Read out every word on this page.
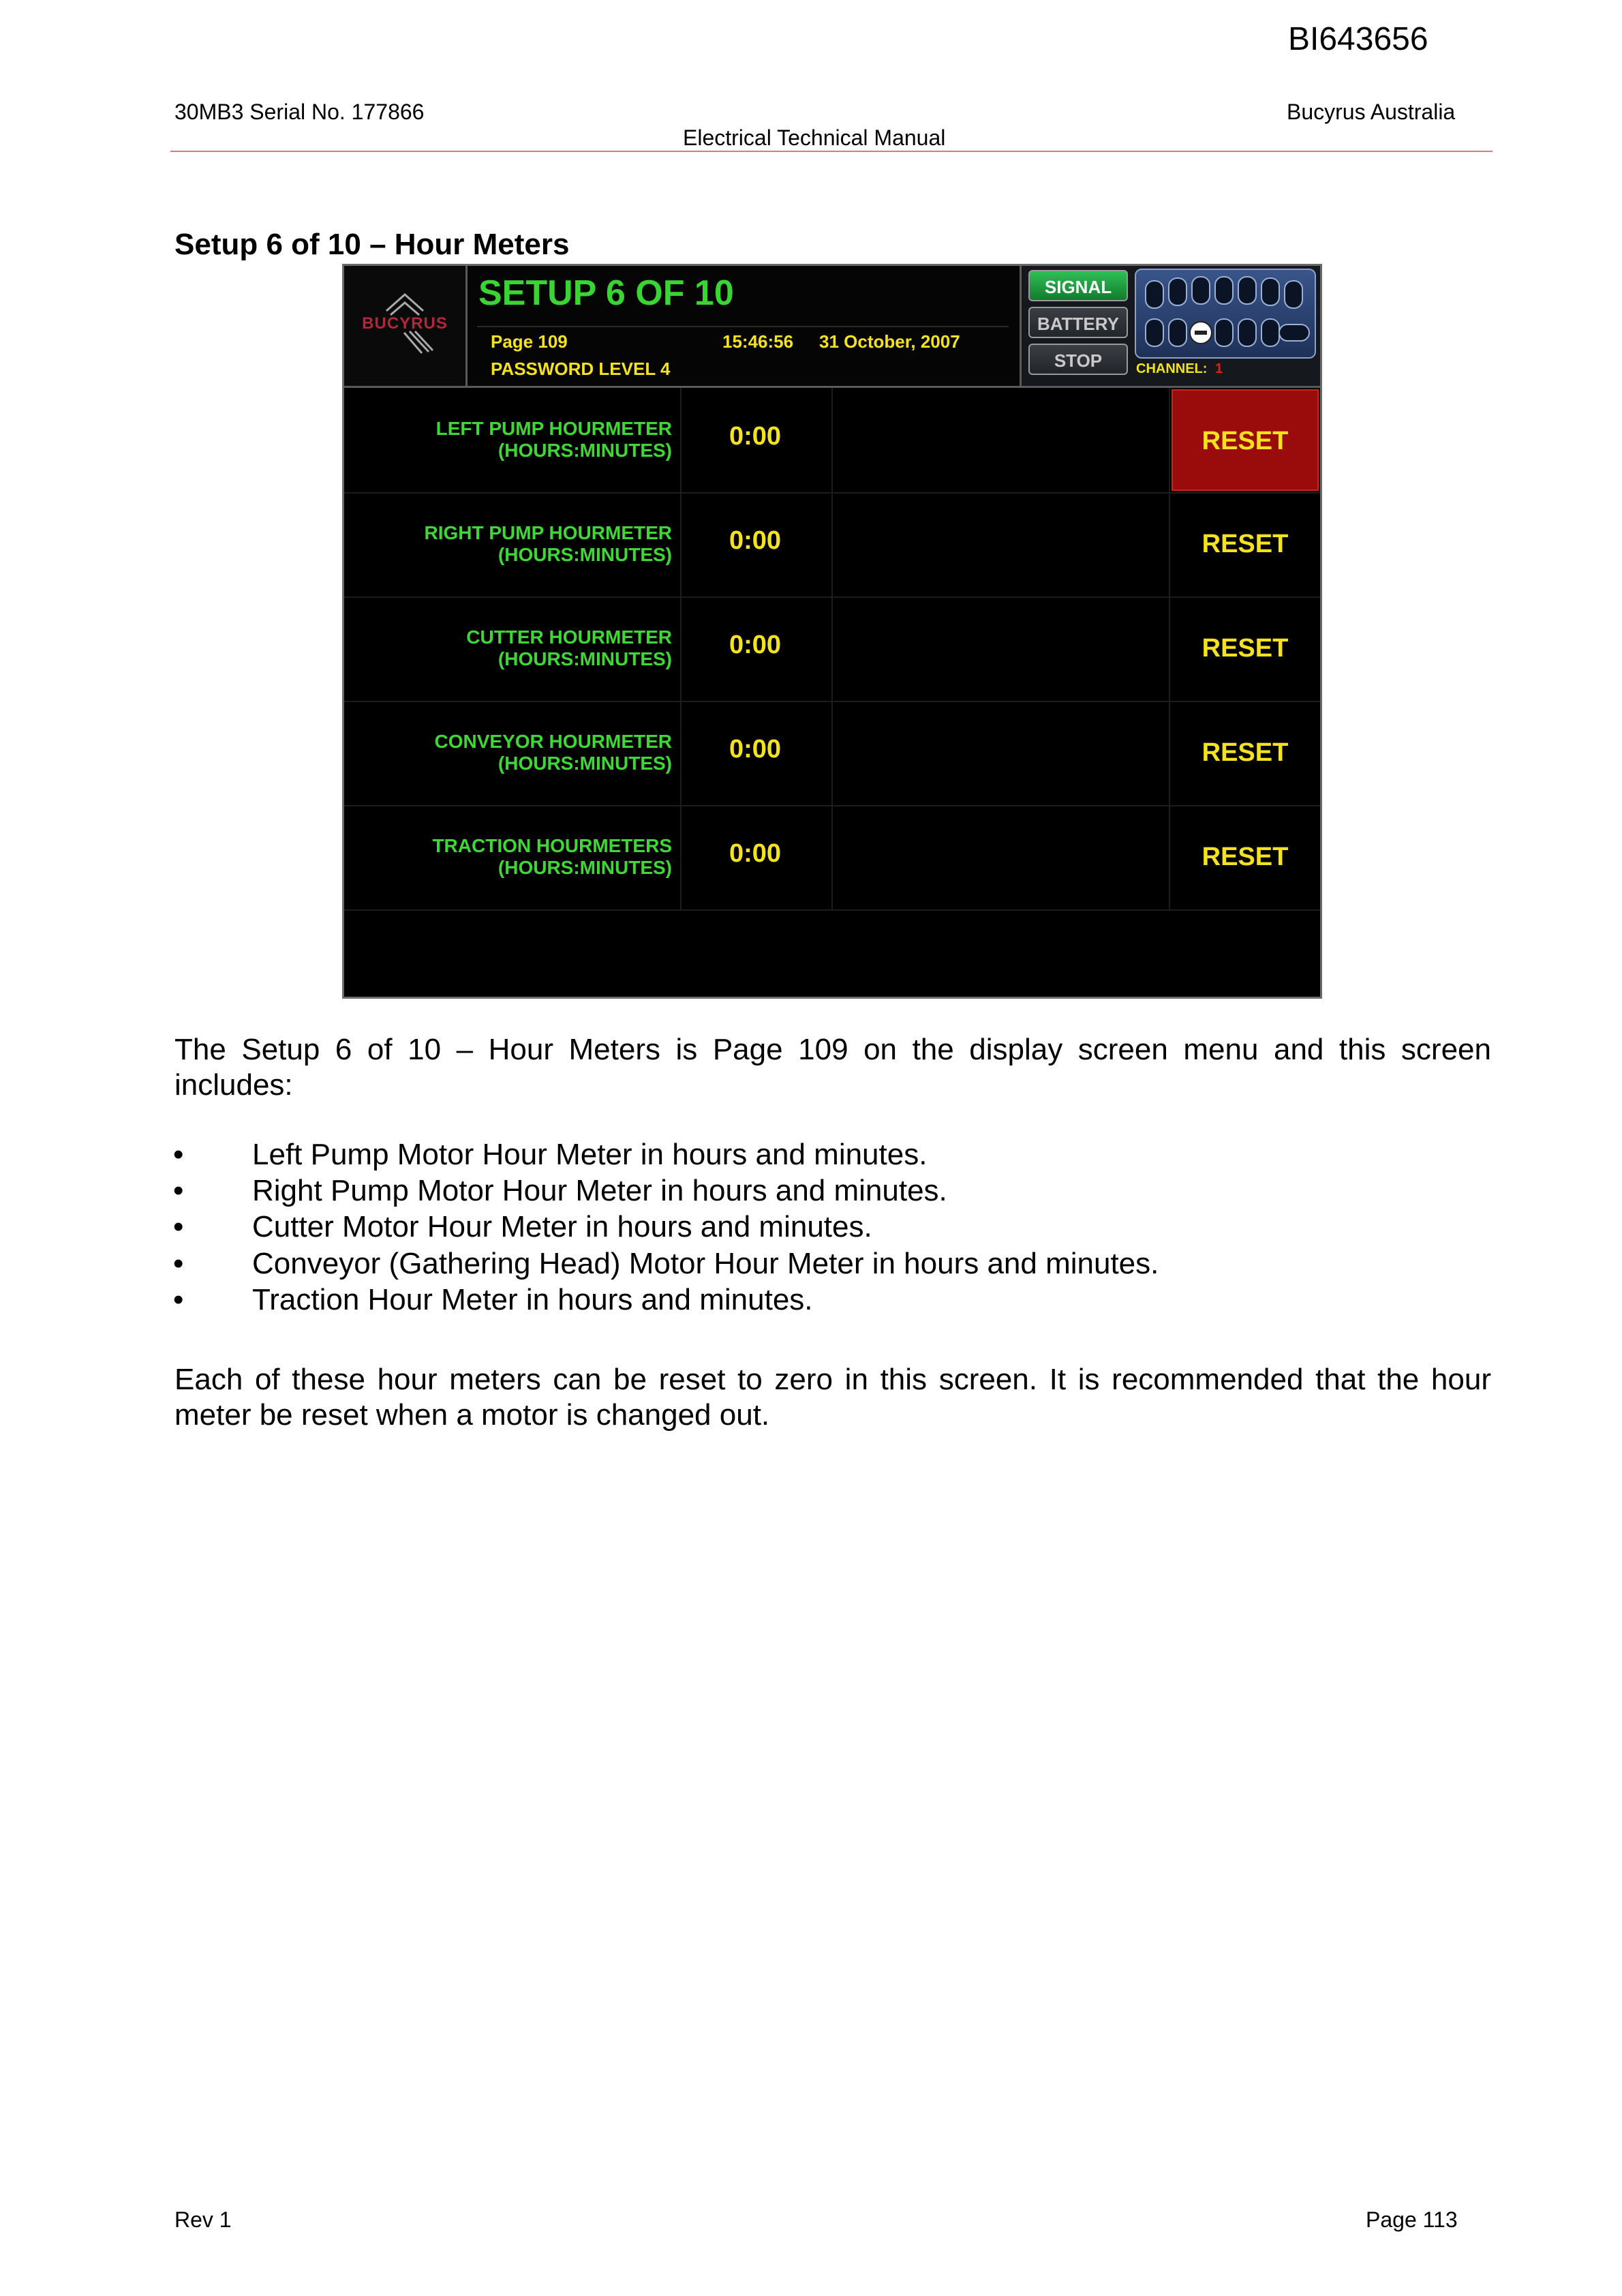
BI643656
30MB3 Serial No. 177866	Bucyrus Australia
Electrical Technical Manual
Setup 6 of 10 – Hour Meters
BUCYRUS
SETUP 6 OF 10
Page 109	15:46:56 31 October, 2007
PASSWORD LEVEL 4
SIGNAL
BATTERY
STOP	CHANNEL: 1
LEFT PUMP HOURMETER
(HOURS:MINUTES) 0:00	RESET
RIGHT PUMP HOURMETER
(HOURS:MINUTES) 0:00	RESET
CUTTER HOURMETER
(HOURS:MINUTES) 0:00	RESET
CONVEYOR HOURMETER
(HOURS:MINUTES) 0:00	RESET
TRACTION HOURMETERS
(HOURS:MINUTES) 0:00	RESET
The Setup 6 of 10 – Hour Meters is Page 109 on the display screen menu and this screen includes:
• Left Pump Motor Hour Meter in hours and minutes.
• Right Pump Motor Hour Meter in hours and minutes.
• Cutter Motor Hour Meter in hours and minutes.
• Conveyor (Gathering Head) Motor Hour Meter in hours and minutes.
• Traction Hour Meter in hours and minutes.
Each of these hour meters can be reset to zero in this screen. It is recommended that the hour meter be reset when a motor is changed out.
Rev 1	Page 113
